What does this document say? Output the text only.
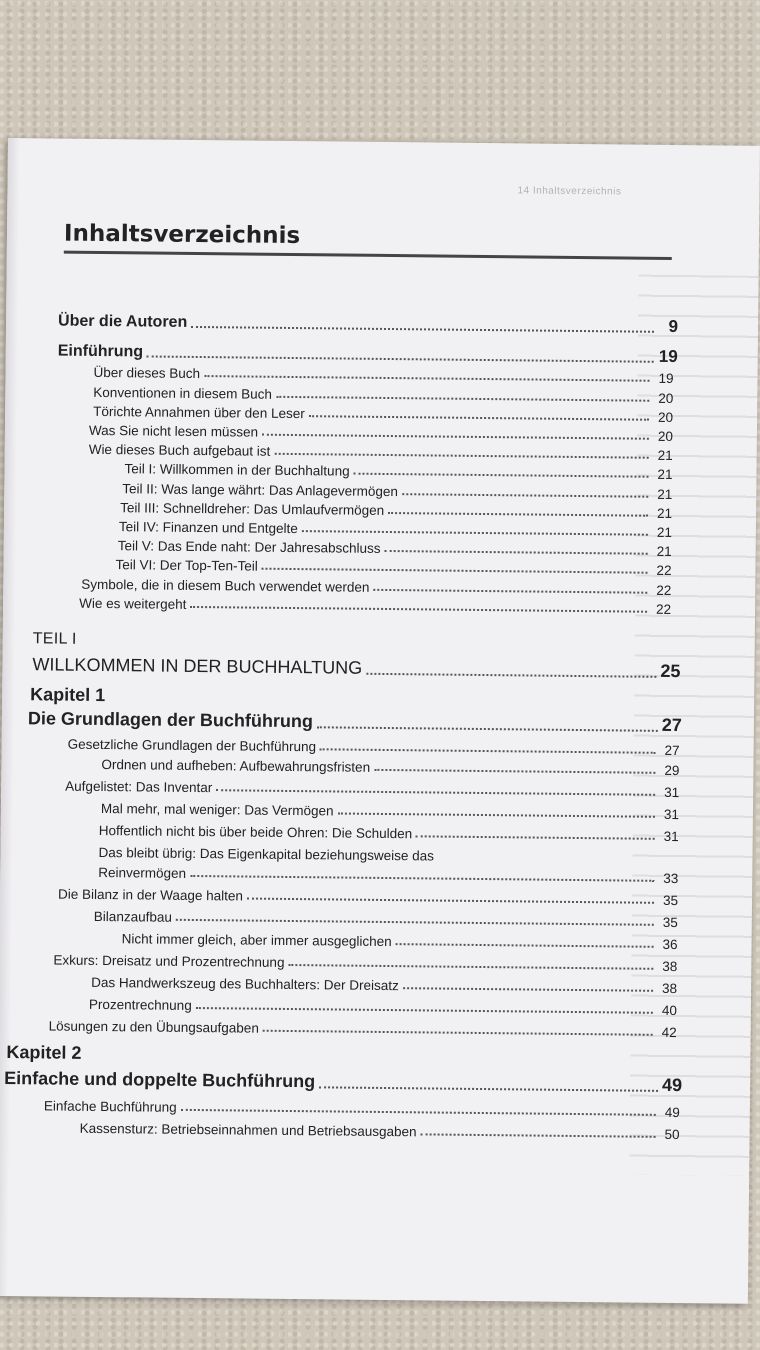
14 Inhaltsverzeichnis
Inhaltsverzeichnis
Über die Autoren	9
Einführung	19
Über dieses Buch	19
Konventionen in diesem Buch	20
Törichte Annahmen über den Leser	20
Was Sie nicht lesen müssen	20
Wie dieses Buch aufgebaut ist	21
Teil I: Willkommen in der Buchhaltung	21
Teil II: Was lange währt: Das Anlagevermögen	21
Teil III: Schnelldreher: Das Umlaufvermögen	21
Teil IV: Finanzen und Entgelte	21
Teil V: Das Ende naht: Der Jahresabschluss	21
Teil VI: Der Top-Ten-Teil	22
Symbole, die in diesem Buch verwendet werden	22
Wie es weitergeht	22
TEIL I
WILLKOMMEN IN DER BUCHHALTUNG	25
Kapitel 1
Die Grundlagen der Buchführung	27
Gesetzliche Grundlagen der Buchführung	27
Ordnen und aufheben: Aufbewahrungsfristen	29
Aufgelistet: Das Inventar	31
Mal mehr, mal weniger: Das Vermögen	31
Hoffentlich nicht bis über beide Ohren: Die Schulden	31
Das bleibt übrig: Das Eigenkapital beziehungsweise das
Reinvermögen	33
Die Bilanz in der Waage halten	35
Bilanzaufbau	35
Nicht immer gleich, aber immer ausgeglichen	36
Exkurs: Dreisatz und Prozentrechnung	38
Das Handwerkszeug des Buchhalters: Der Dreisatz	38
Prozentrechnung	40
Lösungen zu den Übungsaufgaben	42
Kapitel 2
Einfache und doppelte Buchführung	49
Einfache Buchführung	49
Kassensturz: Betriebseinnahmen und Betriebsausgaben	50
